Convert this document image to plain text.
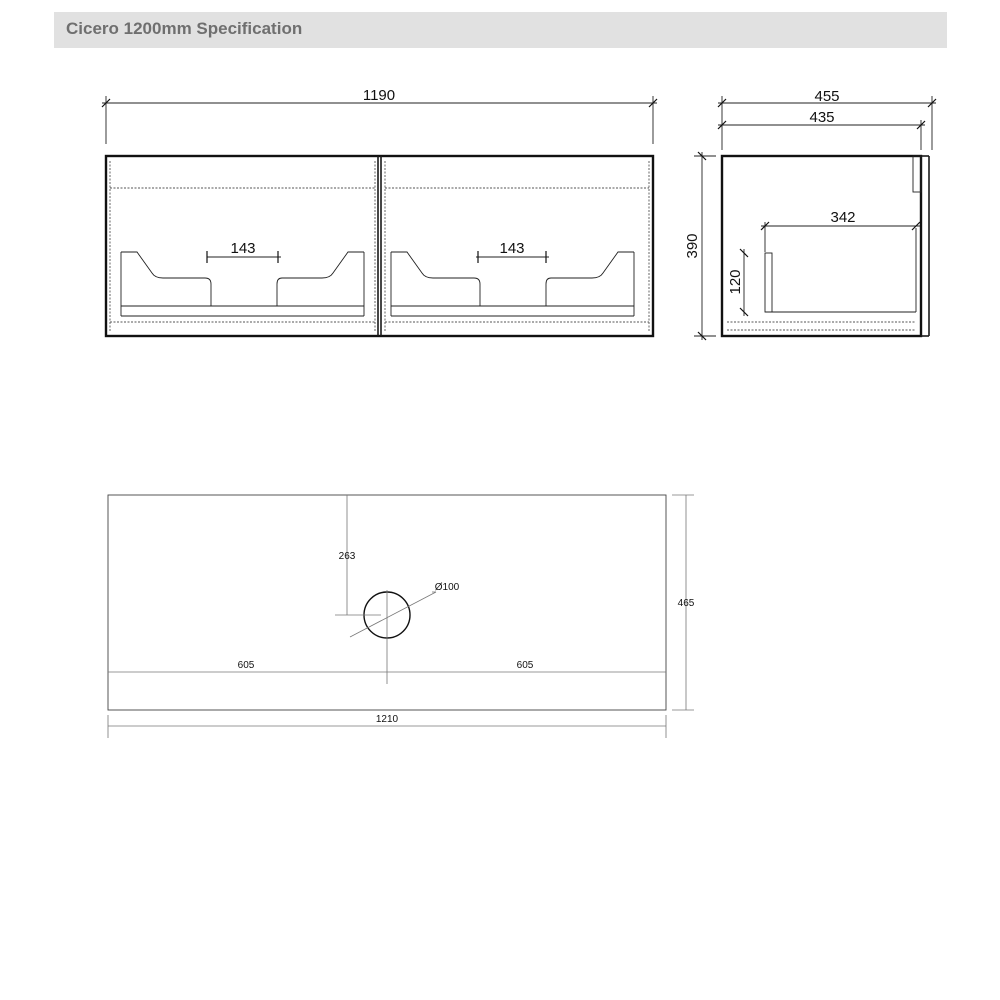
Cicero 1200mm Specification
1190
143	143
455
435
390
342
120
263
Ø100
465
605	605
1210
